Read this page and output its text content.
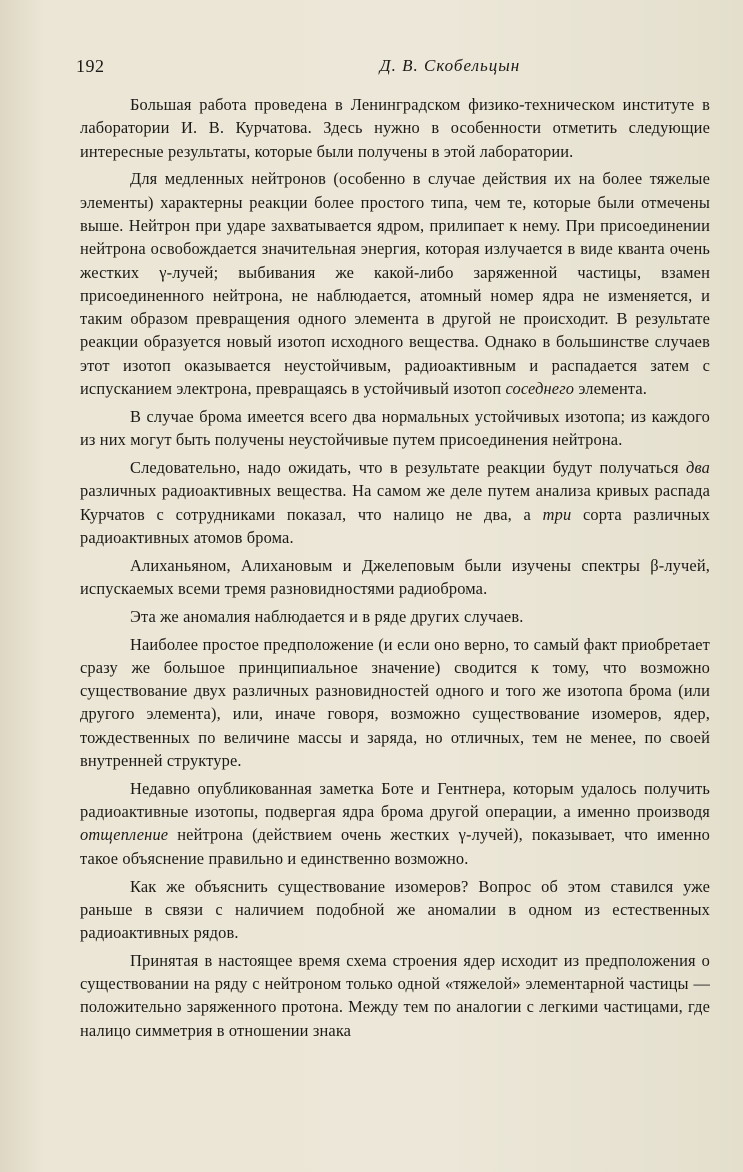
192	Д. В. Скобельцын

Большая работа проведена в Ленинградском физико-техническом институте в лаборатории И. В. Курчатова. Здесь нужно в особенности отметить следующие интересные результаты, которые были получены в этой лаборатории.

Для медленных нейтронов (особенно в случае действия их на более тяжелые элементы) характерны реакции более простого типа, чем те, которые были отмечены выше. Нейтрон при ударе захватывается ядром, прилипает к нему. При присоединении нейтрона освобождается значительная энергия, которая излучается в виде кванта очень жестких γ-лучей; выбивания же какой-либо заряженной частицы, взамен присоединенного нейтрона, не наблюдается, атомный номер ядра не изменяется, и таким образом превращения одного элемента в другой не происходит. В результате реакции образуется новый изотоп исходного вещества. Однако в большинстве случаев этот изотоп оказывается неустойчивым, радиоактивным и распадается затем с испусканием электрона, превращаясь в устойчивый изотоп соседнего элемента.

В случае брома имеется всего два нормальных устойчивых изотопа; из каждого из них могут быть получены неустойчивые путем присоединения нейтрона.

Следовательно, надо ожидать, что в результате реакции будут получаться два различных радиоактивных вещества. На самом же деле путем анализа кривых распада Курчатов с сотрудниками показал, что налицо не два, а три сорта различных радиоактивных атомов брома.

Алиханьяном, Алихановым и Джелеповым были изучены спектры β-лучей, испускаемых всеми тремя разновидностями радиоброма.

Эта же аномалия наблюдается и в ряде других случаев.

Наиболее простое предположение (и если оно верно, то самый факт приобретает сразу же большое принципиальное значение) сводится к тому, что возможно существование двух различных разновидностей одного и того же изотопа брома (или другого элемента), или, иначе говоря, возможно существование изомеров, ядер, тождественных по величине массы и заряда, но отличных, тем не менее, по своей внутренней структуре.

Недавно опубликованная заметка Боте и Гентнера, которым удалось получить радиоактивные изотопы, подвергая ядра брома другой операции, а именно производя отщепление нейтрона (действием очень жестких γ-лучей), показывает, что именно такое объяснение правильно и единственно возможно.

Как же объяснить существование изомеров? Вопрос об этом ставился уже раньше в связи с наличием подобной же аномалии в одном из естественных радиоактивных рядов.

Принятая в настоящее время схема строения ядер исходит из предположения о существовании на ряду с нейтроном только одной «тяжелой» элементарной частицы — положительно заряженного протона. Между тем по аналогии с легкими частицами, где налицо симметрия в отношении знака
